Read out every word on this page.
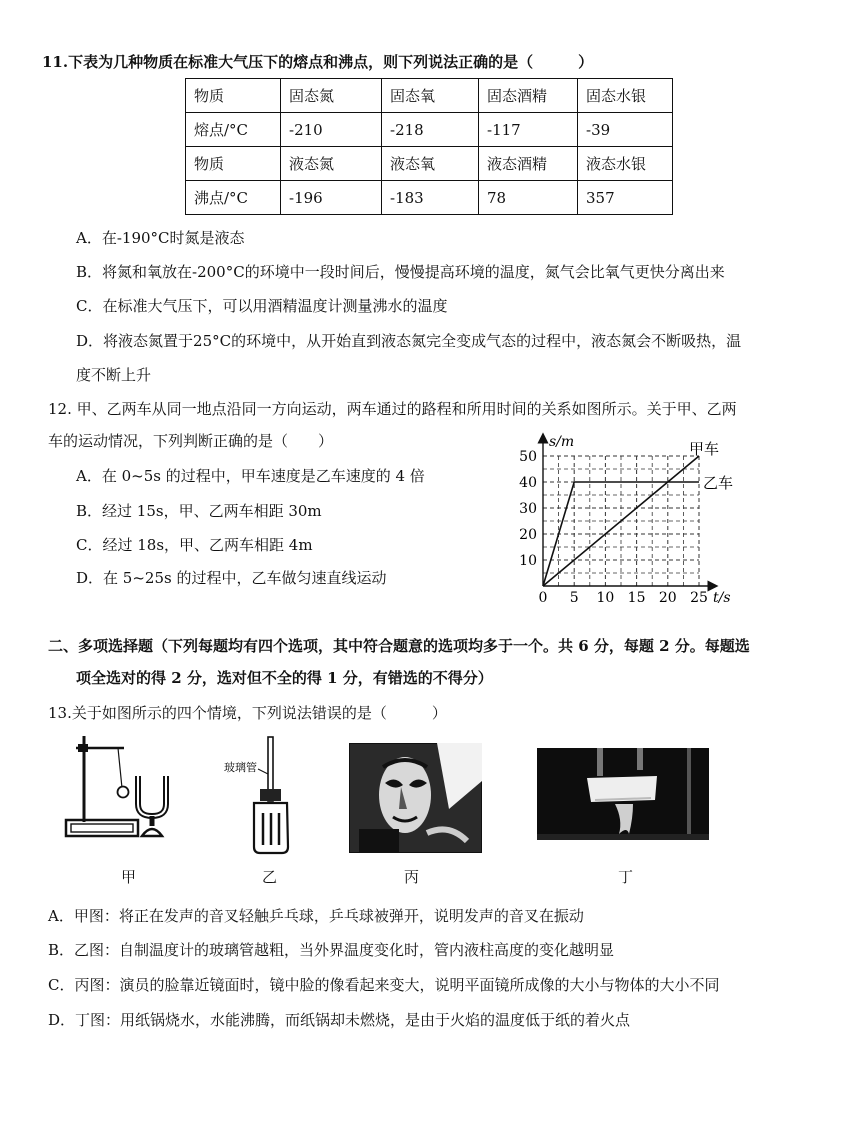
11.下表为几种物质在标准大气压下的熔点和沸点，则下列说法正确的是（　　　）
物质	固态氮	固态氧	固态酒精	固态水银
熔点/°C	-210	-218	-117	-39
物质	液态氮	液态氧	液态酒精	液态水银
沸点/°C	-196	-183	78	357
A．在-190°C时氮是液态
B．将氮和氧放在-200°C的环境中一段时间后，慢慢提高环境的温度，氮气会比氧气更快分离出来
C．在标准大气压下，可以用酒精温度计测量沸水的温度
D．将液态氮置于25°C的环境中，从开始直到液态氮完全变成气态的过程中，液态氮会不断吸热，温
度不断上升
12. 甲、乙两车从同一地点沿同一方向运动，两车通过的路程和所用时间的关系如图所示。关于甲、乙两
车的运动情况，下列判断正确的是（　　）
A．在 0~5s 的过程中，甲车速度是乙车速度的 4 倍
B．经过 15s，甲、乙两车相距 30m
C．经过 18s，甲、乙两车相距 4m
D．在 5~25s 的过程中，乙车做匀速直线运动
0 5 10 15 20 25
10
20
30
40
50
s/m
t/s
甲车
乙车
二、多项选择题（下列每题均有四个选项，其中符合题意的选项均多于一个。共 6 分，每题 2 分。每题选
项全选对的得 2 分，选对但不全的得 1 分，有错选的不得分）
13.关于如图所示的四个情境，下列说法错误的是（　　　）
甲
玻璃管
乙	丙	丁
A．甲图：将正在发声的音叉轻触乒乓球，乒乓球被弹开，说明发声的音叉在振动
B．乙图：自制温度计的玻璃管越粗，当外界温度变化时，管内液柱高度的变化越明显
C．丙图：演员的脸靠近镜面时，镜中脸的像看起来变大，说明平面镜所成像的大小与物体的大小不同
D．丁图：用纸锅烧水，水能沸腾，而纸锅却未燃烧，是由于火焰的温度低于纸的着火点
